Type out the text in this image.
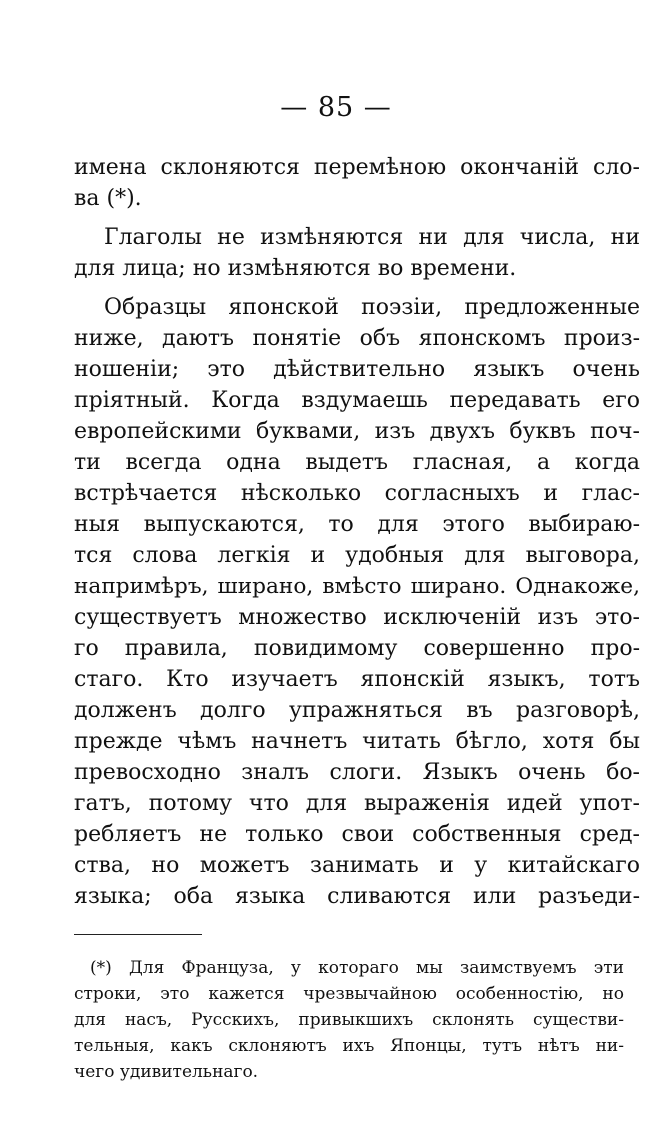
— 85 —
имена склоняются перемѣною окончаній сло-
ва (*).
Глаголы не измѣняются ни для числа, ни
для лица; но измѣняются во времени.
Образцы японской поэзіи, предложенные
ниже, даютъ понятіе объ японскомъ произ-
ношеніи; это дѣйствительно языкъ очень
пріятный. Когда вздумаешь передавать его
европейскими буквами, изъ двухъ буквъ поч-
ти всегда одна выдетъ гласная, а когда
встрѣчается нѣсколько согласныхъ и глас-
ныя выпускаются, то для этого выбираю-
тся слова легкія и удобныя для выговора,
напримѣръ, ширано, вмѣсто ширано. Однакоже,
существуетъ множество исключеній изъ это-
го правила, повидимому совершенно про-
стаго. Кто изучаетъ японскій языкъ, тотъ
долженъ долго упражняться въ разговорѣ,
прежде чѣмъ начнетъ читать бѣгло, хотя бы
превосходно зналъ слоги. Языкъ очень бо-
гатъ, потому что для выраженія идей упот-
ребляетъ не только свои собственныя сред-
ства, но можетъ занимать и у китайскаго
языка; оба языка сливаются или разъеди-
(*) Для Француза, у котораго мы заимствуемъ эти
строки, это кажется чрезвычайною особенностію, но
для насъ, Русскихъ, привыкшихъ склонять существи-
тельныя, какъ склоняютъ ихъ Японцы, тутъ нѣтъ ни-
чего удивительнаго.
